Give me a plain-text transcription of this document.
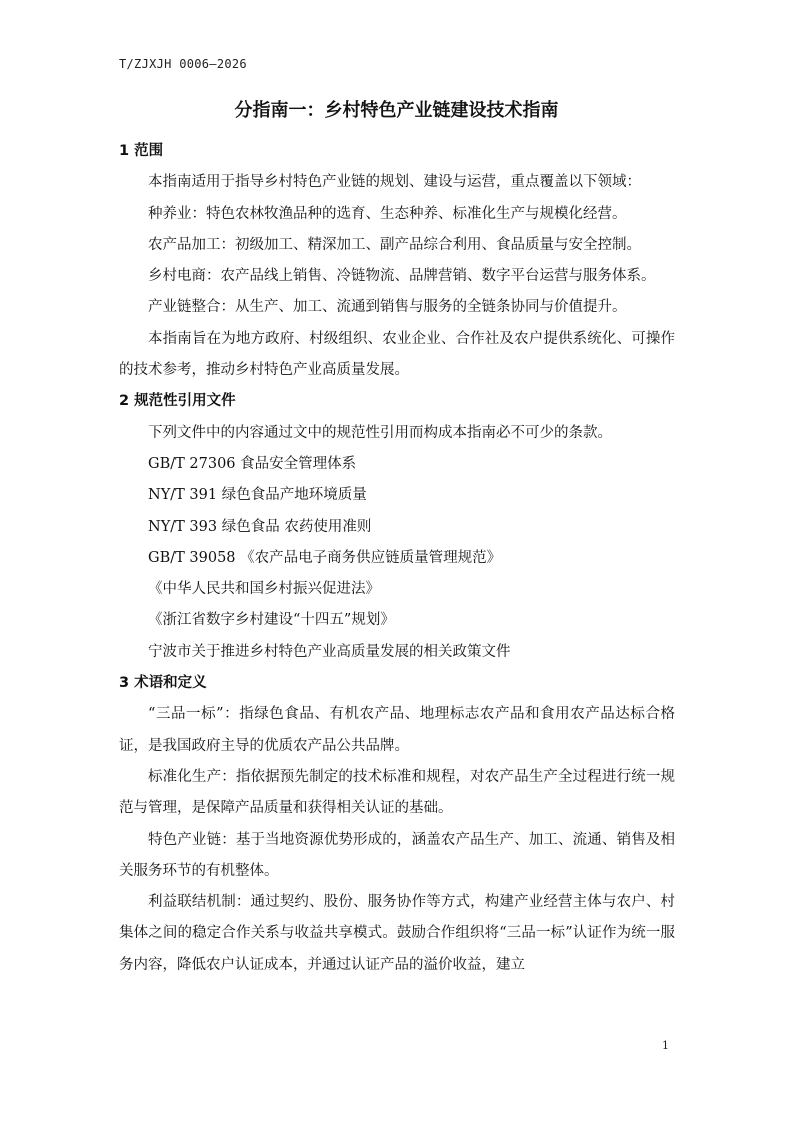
T/ZJXJH 0006—2026
分指南一：乡村特色产业链建设技术指南

1 范围

本指南适用于指导乡村特色产业链的规划、建设与运营，重点覆盖以下领域：

种养业：特色农林牧渔品种的选育、生态种养、标准化生产与规模化经营。

农产品加工：初级加工、精深加工、副产品综合利用、食品质量与安全控制。

乡村电商：农产品线上销售、冷链物流、品牌营销、数字平台运营与服务体系。

产业链整合：从生产、加工、流通到销售与服务的全链条协同与价值提升。

本指南旨在为地方政府、村级组织、农业企业、合作社及农户提供系统化、可操作的技术参考，推动乡村特色产业高质量发展。

2 规范性引用文件

下列文件中的内容通过文中的规范性引用而构成本指南必不可少的条款。

GB/T 27306 食品安全管理体系

NY/T 391 绿色食品产地环境质量

NY/T 393 绿色食品 农药使用准则

GB/T 39058 《农产品电子商务供应链质量管理规范》

《中华人民共和国乡村振兴促进法》

《浙江省数字乡村建设“十四五”规划》

宁波市关于推进乡村特色产业高质量发展的相关政策文件

3 术语和定义

“三品一标”：指绿色食品、有机农产品、地理标志农产品和食用农产品达标合格证，是我国政府主导的优质农产品公共品牌。

标准化生产：指依据预先制定的技术标准和规程，对农产品生产全过程进行统一规范与管理，是保障产品质量和获得相关认证的基础。

特色产业链：基于当地资源优势形成的，涵盖农产品生产、加工、流通、销售及相关服务环节的有机整体。

利益联结机制：通过契约、股份、服务协作等方式，构建产业经营主体与农户、村集体之间的稳定合作关系与收益共享模式。鼓励合作组织将“三品一标”认证作为统一服务内容，降低农户认证成本，并通过认证产品的溢价收益，建立

1
